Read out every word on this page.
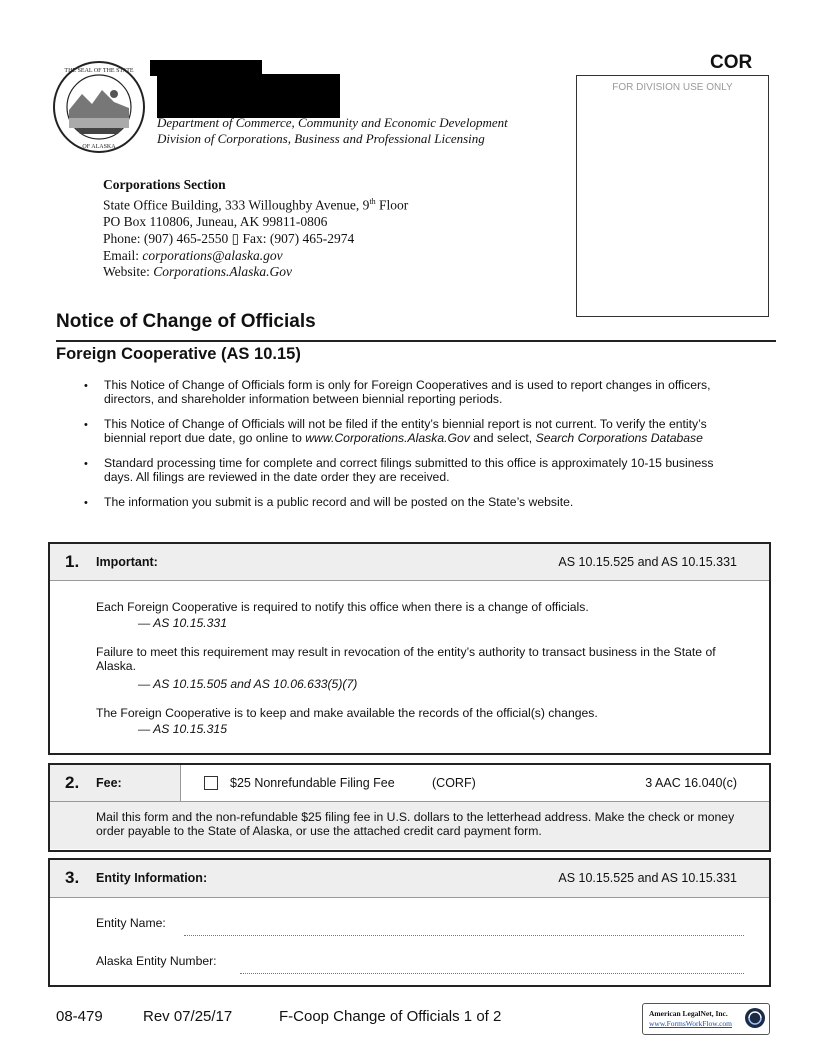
THE SEAL OF THE STATE
OF ALASKA
Department of Commerce, Community and Economic Development
Division of Corporations, Business and Professional Licensing
COR
FOR DIVISION USE ONLY
Corporations Section
State Office Building, 333 Willoughby Avenue, 9th Floor
PO Box 110806, Juneau, AK 99811-0806
Phone: (907) 465-2550 ▯ Fax: (907) 465-2974
Email: corporations@alaska.gov
Website: Corporations.Alaska.Gov
Notice of Change of Officials
Foreign Cooperative (AS 10.15)
• This Notice of Change of Officials form is only for Foreign Cooperatives and is used to report changes in officers, directors, and shareholder information between biennial reporting periods.
• This Notice of Change of Officials will not be filed if the entity’s biennial report is not current. To verify the entity’s biennial report due date, go online to www.Corporations.Alaska.Gov and select, Search Corporations Database
• Standard processing time for complete and correct filings submitted to this office is approximately 10-15 business days. All filings are reviewed in the date order they are received.
• The information you submit is a public record and will be posted on the State’s website.
1. Important:	AS 10.15.525 and AS 10.15.331

Each Foreign Cooperative is required to notify this office when there is a change of officials.

— AS 10.15.331

Failure to meet this requirement may result in revocation of the entity’s authority to transact business in the State of Alaska.

— AS 10.15.505 and AS 10.06.633(5)(7)

The Foreign Cooperative is to keep and make available the records of the official(s) changes.

— AS 10.15.315

2. Fee:	$25 Nonrefundable Filing Fee	(CORF)	3 AAC 16.040(c)

Mail this form and the non-refundable $25 filing fee in U.S. dollars to the letterhead address. Make the check or money order payable to the State of Alaska, or use the attached credit card payment form.

3. Entity Information:	AS 10.15.525 and AS 10.15.331
Entity Name:
Alaska Entity Number:
08-479	Rev 07/25/17	F-Coop Change of Officials 1 of 2	American LegalNet, Inc.
www.FormsWorkFlow.com
